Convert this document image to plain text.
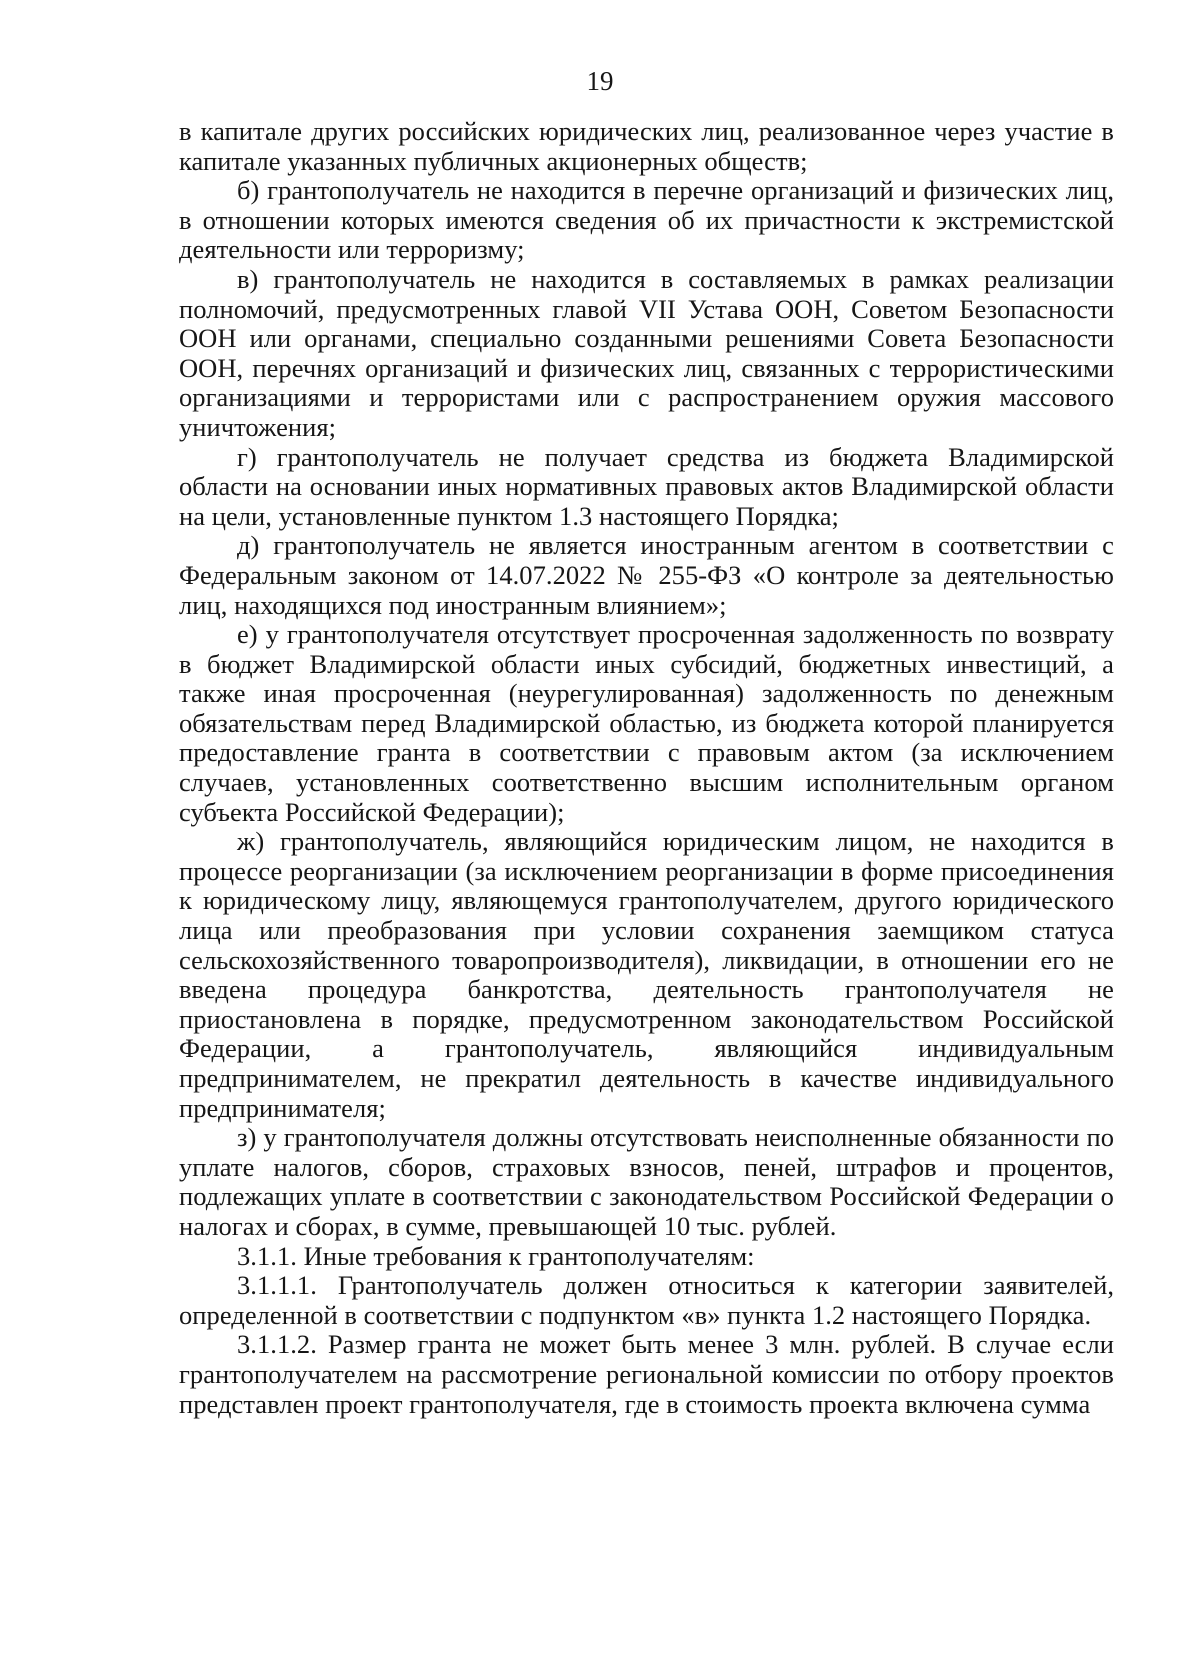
19

в капитале других российских юридических лиц, реализованное через участие в капитале указанных публичных акционерных обществ;

б) грантополучатель не находится в перечне организаций и физических лиц, в отношении которых имеются сведения об их причастности к экстремистской деятельности или терроризму;

в) грантополучатель не находится в составляемых в рамках реализации полномочий, предусмотренных главой VII Устава ООН, Советом Безопасности ООН или органами, специально созданными решениями Совета Безопасности ООН, перечнях организаций и физических лиц, связанных с террористическими организациями и террористами или с распространением оружия массового уничтожения;

г) грантополучатель не получает средства из бюджета Владимирской области на основании иных нормативных правовых актов Владимирской области на цели, установленные пунктом 1.3 настоящего Порядка;

д) грантополучатель не является иностранным агентом в соответствии с Федеральным законом от 14.07.2022 № 255-ФЗ «О контроле за деятельностью лиц, находящихся под иностранным влиянием»;

е) у грантополучателя отсутствует просроченная задолженность по возврату в бюджет Владимирской области иных субсидий, бюджетных инвестиций, а также иная просроченная (неурегулированная) задолженность по денежным обязательствам перед Владимирской областью, из бюджета которой планируется предоставление гранта в соответствии с правовым актом (за исключением случаев, установленных соответственно высшим исполнительным органом субъекта Российской Федерации);

ж) грантополучатель, являющийся юридическим лицом, не находится в процессе реорганизации (за исключением реорганизации в форме присоединения к юридическому лицу, являющемуся грантополучателем, другого юридического лица или преобразования при условии сохранения заемщиком статуса сельскохозяйственного товаропроизводителя), ликвидации, в отношении его не введена процедура банкротства, деятельность грантополучателя не приостановлена в порядке, предусмотренном законодательством Российской Федерации, а грантополучатель, являющийся индивидуальным предпринимателем, не прекратил деятельность в качестве индивидуального предпринимателя;

з) у грантополучателя должны отсутствовать неисполненные обязанности по уплате налогов, сборов, страховых взносов, пеней, штрафов и процентов, подлежащих уплате в соответствии с законодательством Российской Федерации о налогах и сборах, в сумме, превышающей 10 тыс. рублей.

3.1.1. Иные требования к грантополучателям:

3.1.1.1. Грантополучатель должен относиться к категории заявителей, определенной в соответствии с подпунктом «в» пункта 1.2 настоящего Порядка.

3.1.1.2. Размер гранта не может быть менее 3 млн. рублей. В случае если грантополучателем на рассмотрение региональной комиссии по отбору проектов представлен проект грантополучателя, где в стоимость проекта включена сумма
